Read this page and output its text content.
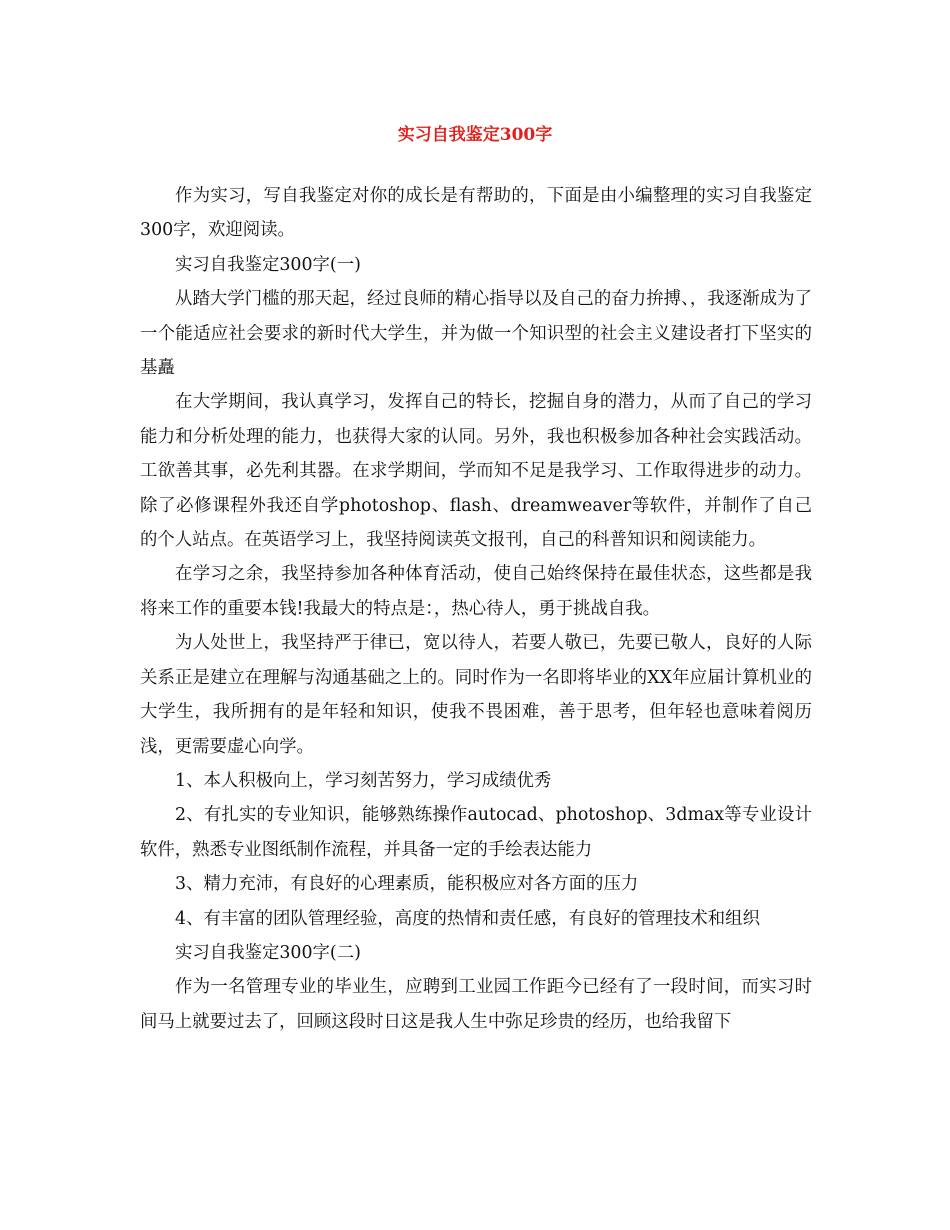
实习自我鉴定300字

作为实习，写自我鉴定对你的成长是有帮助的，下面是由小编整理的实习自我鉴定300字，欢迎阅读。

实习自我鉴定300字(一)

从踏大学门槛的那天起，经过良师的精心指导以及自己的奋力拚搏、，我逐渐成为了一个能适应社会要求的新时代大学生，并为做一个知识型的社会主义建设者打下坚实的基矗

在大学期间，我认真学习，发挥自己的特长，挖掘自身的潜力，从而了自己的学习能力和分析处理的能力，也获得大家的认同。另外，我也积极参加各种社会实践活动。工欲善其事，必先利其器。在求学期间，学而知不足是我学习、工作取得进步的动力。除了必修课程外我还自学photoshop、flash、dreamweaver等软件，并制作了自己的个人站点。在英语学习上，我坚持阅读英文报刊，自己的科普知识和阅读能力。

在学习之余，我坚持参加各种体育活动，使自己始终保持在最佳状态，这些都是我将来工作的重要本钱!我最大的特点是：，热心待人，勇于挑战自我。

为人处世上，我坚持严于律已，宽以待人，若要人敬已，先要已敬人，良好的人际关系正是建立在理解与沟通基础之上的。同时作为一名即将毕业的XX年应届计算机业的大学生，我所拥有的是年轻和知识，使我不畏困难，善于思考，但年轻也意味着阅历浅，更需要虚心向学。

1、本人积极向上，学习刻苦努力，学习成绩优秀

2、有扎实的专业知识，能够熟练操作autocad、photoshop、3dmax等专业设计软件，熟悉专业图纸制作流程，并具备一定的手绘表达能力

3、精力充沛，有良好的心理素质，能积极应对各方面的压力

4、有丰富的团队管理经验，高度的热情和责任感，有良好的管理技术和组织

实习自我鉴定300字(二)

作为一名管理专业的毕业生，应聘到工业园工作距今已经有了一段时间，而实习时间马上就要过去了，回顾这段时日这是我人生中弥足珍贵的经历，也给我留下
